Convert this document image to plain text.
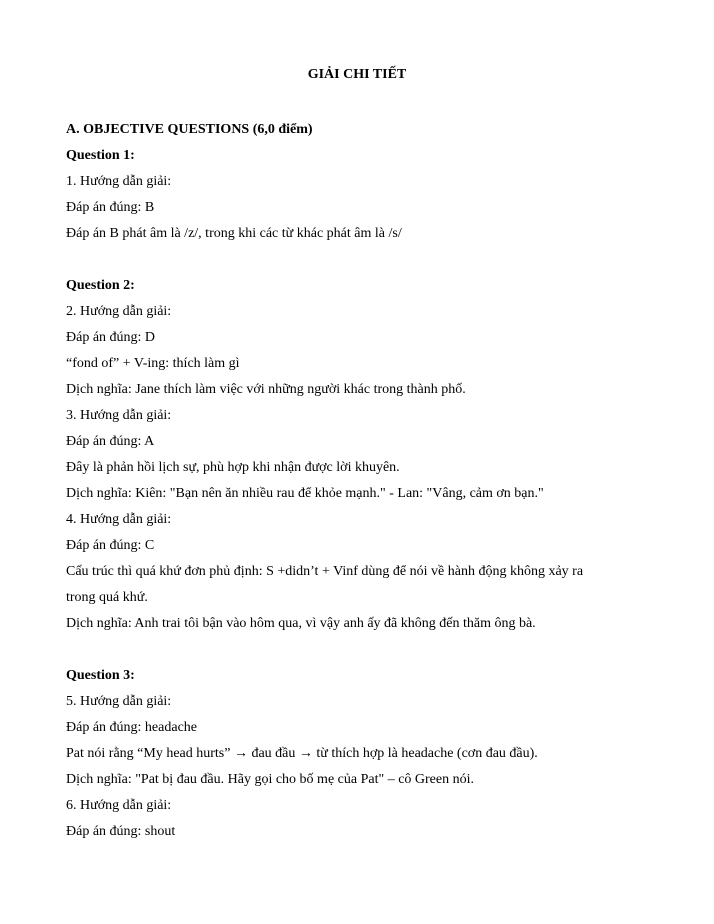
GIẢI CHI TIẾT
A. OBJECTIVE QUESTIONS (6,0 điểm)
Question 1:
1. Hướng dẫn giải:
Đáp án đúng: B
Đáp án B phát âm là /z/, trong khi các từ khác phát âm là /s/
Question 2:
2. Hướng dẫn giải:
Đáp án đúng: D
“fond of” + V-ing: thích làm gì
Dịch nghĩa: Jane thích làm việc với những người khác trong thành phố.
3. Hướng dẫn giải:
Đáp án đúng: A
Đây là phản hồi lịch sự, phù hợp khi nhận được lời khuyên.
Dịch nghĩa: Kiên: "Bạn nên ăn nhiều rau để khỏe mạnh." - Lan: "Vâng, cảm ơn bạn."
4. Hướng dẫn giải:
Đáp án đúng: C
Cấu trúc thì quá khứ đơn phủ định: S +didn’t + Vinf dùng để nói về hành động không xảy ra
trong quá khứ.
Dịch nghĩa: Anh trai tôi bận vào hôm qua, vì vậy anh ấy đã không đến thăm ông bà.
Question 3:
5. Hướng dẫn giải:
Đáp án đúng: headache
Pat nói rằng “My head hurts” → đau đầu → từ thích hợp là headache (cơn đau đầu).
Dịch nghĩa: "Pat bị đau đầu. Hãy gọi cho bố mẹ của Pat" – cô Green nói.
6. Hướng dẫn giải:
Đáp án đúng: shout
